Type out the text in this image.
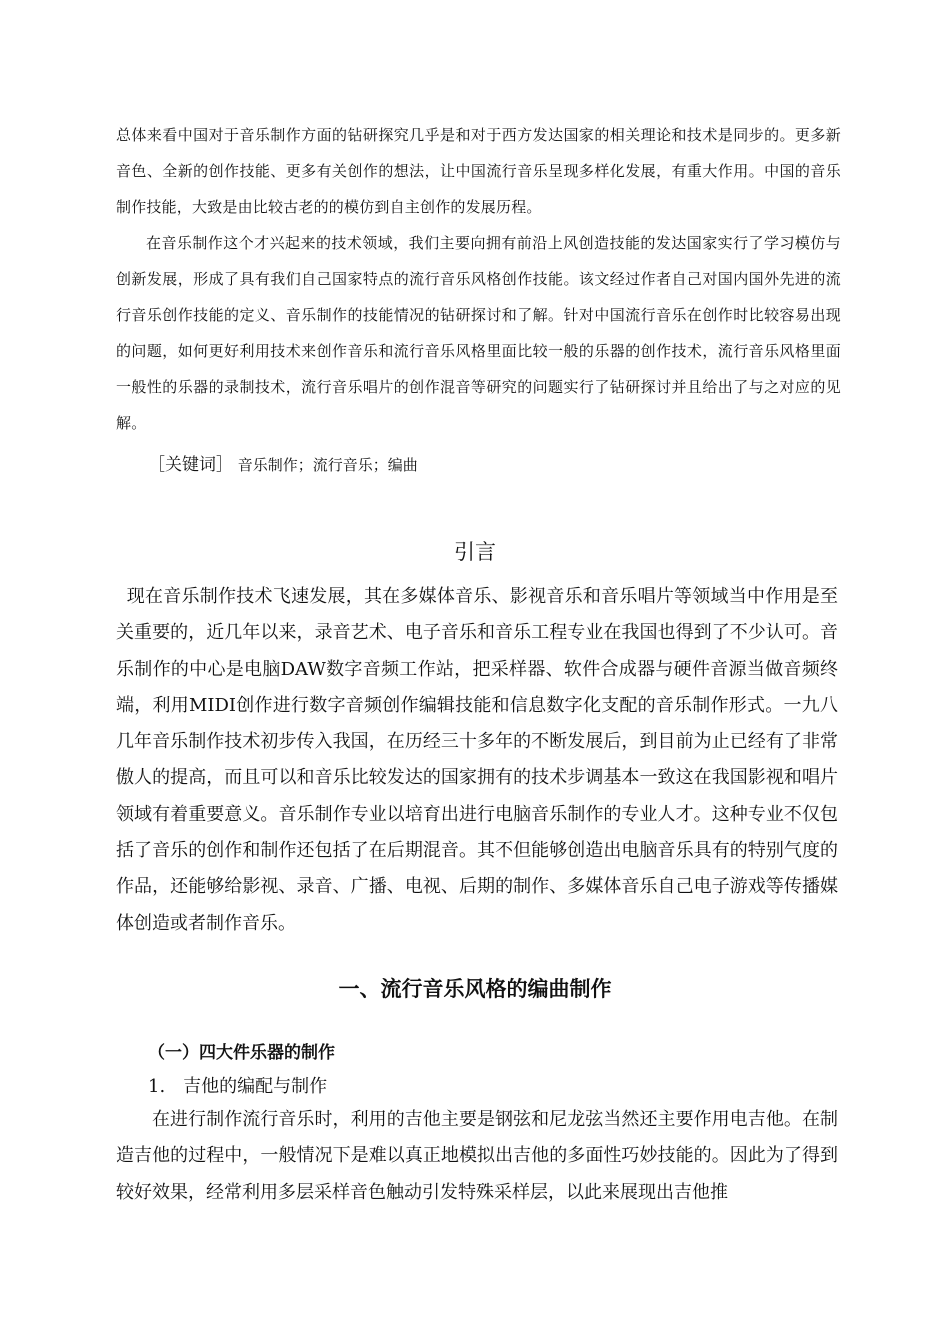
总体来看中国对于音乐制作方面的钻研探究几乎是和对于西方发达国家的相关理论和技术是同步的。更多新音色、全新的创作技能、更多有关创作的想法，让中国流行音乐呈现多样化发展，有重大作用。中国的音乐制作技能，大致是由比较古老的的模仿到自主创作的发展历程。

在音乐制作这个才兴起来的技术领域，我们主要向拥有前沿上风创造技能的发达国家实行了学习模仿与创新发展，形成了具有我们自己国家特点的流行音乐风格创作技能。该文经过作者自己对国内国外先进的流行音乐创作技能的定义、音乐制作的技能情况的钻研探讨和了解。针对中国流行音乐在创作时比较容易出现的问题，如何更好利用技术来创作音乐和流行音乐风格里面比较一般的乐器的创作技术，流行音乐风格里面一般性的乐器的录制技术，流行音乐唱片的创作混音等研究的问题实行了钻研探讨并且给出了与之对应的见解。

［关键词］ 音乐制作；流行音乐；编曲

引言

现在音乐制作技术飞速发展，其在多媒体音乐、影视音乐和音乐唱片等领域当中作用是至关重要的，近几年以来，录音艺术、电子音乐和音乐工程专业在我国也得到了不少认可。音乐制作的中心是电脑DAW数字音频工作站，把采样器、软件合成器与硬件音源当做音频终端，利用MIDI创作进行数字音频创作编辑技能和信息数字化支配的音乐制作形式。一九八几年音乐制作技术初步传入我国，在历经三十多年的不断发展后，到目前为止已经有了非常傲人的提高，而且可以和音乐比较发达的国家拥有的技术步调基本一致这在我国影视和唱片领域有着重要意义。音乐制作专业以培育出进行电脑音乐制作的专业人才。这种专业不仅包括了音乐的创作和制作还包括了在后期混音。其不但能够创造出电脑音乐具有的特别气度的作品，还能够给影视、录音、广播、电视、后期的制作、多媒体音乐自己电子游戏等传播媒体创造或者制作音乐。

一、流行音乐风格的编曲制作
（一）四大件乐器的制作

1.　吉他的编配与制作

在进行制作流行音乐时，利用的吉他主要是钢弦和尼龙弦当然还主要作用电吉他。在制造吉他的过程中，一般情况下是难以真正地模拟出吉他的多面性巧妙技能的。因此为了得到较好效果，经常利用多层采样音色触动引发特殊采样层，以此来展现出吉他推
